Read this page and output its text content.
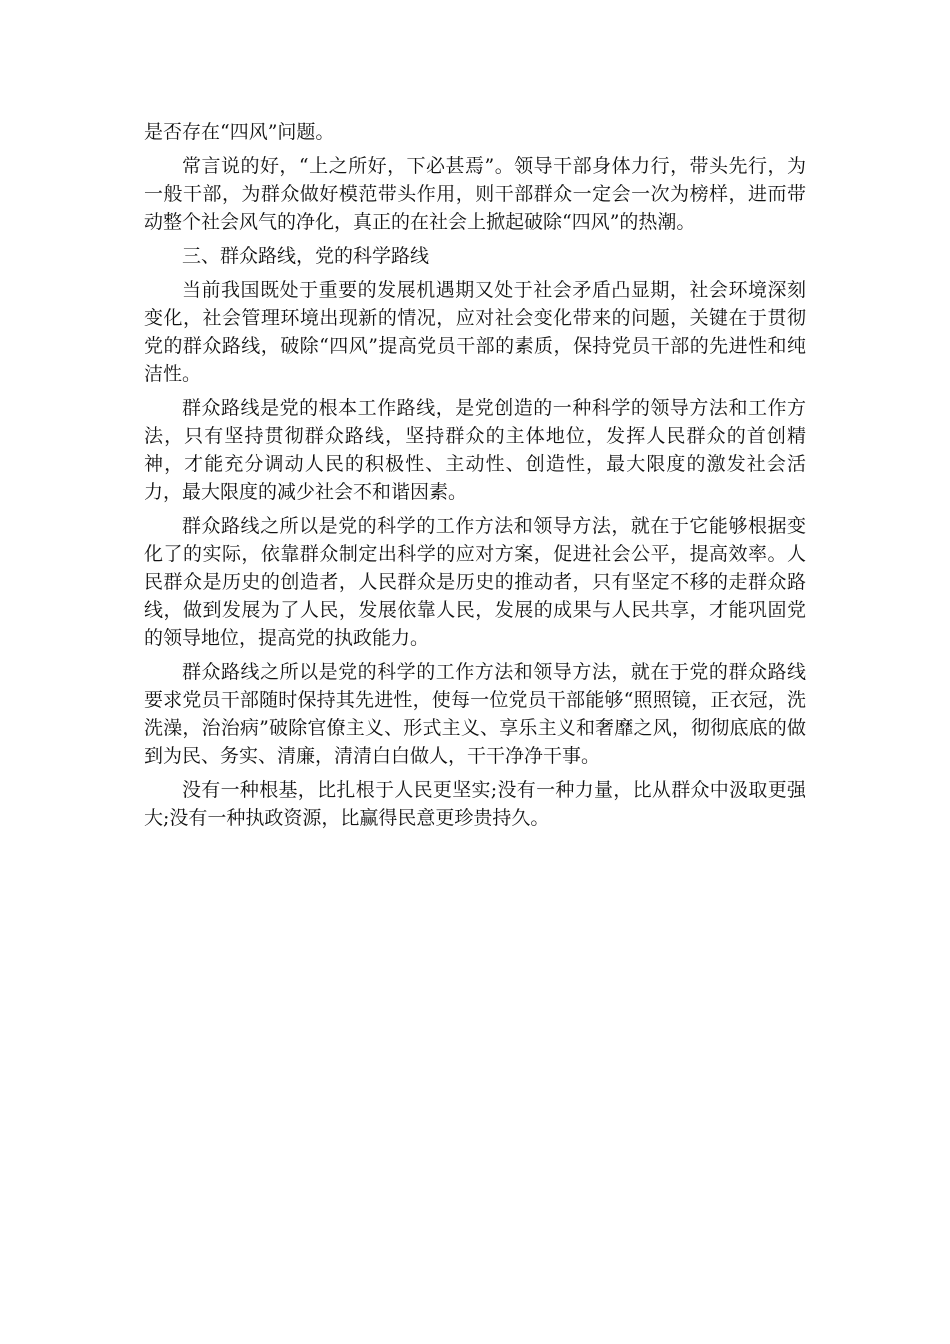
是否存在“四风”问题。

常言说的好，“上之所好，下必甚焉”。领导干部身体力行，带头先行，为一般干部，为群众做好模范带头作用，则干部群众一定会一次为榜样，进而带动整个社会风气的净化，真正的在社会上掀起破除“四风”的热潮。

三、群众路线，党的科学路线

当前我国既处于重要的发展机遇期又处于社会矛盾凸显期，社会环境深刻变化，社会管理环境出现新的情况，应对社会变化带来的问题，关键在于贯彻党的群众路线，破除“四风”提高党员干部的素质，保持党员干部的先进性和纯洁性。

群众路线是党的根本工作路线，是党创造的一种科学的领导方法和工作方法，只有坚持贯彻群众路线，坚持群众的主体地位，发挥人民群众的首创精神，才能充分调动人民的积极性、主动性、创造性，最大限度的激发社会活力，最大限度的减少社会不和谐因素。

群众路线之所以是党的科学的工作方法和领导方法，就在于它能够根据变化了的实际，依靠群众制定出科学的应对方案，促进社会公平，提高效率。人民群众是历史的创造者，人民群众是历史的推动者，只有坚定不移的走群众路线，做到发展为了人民，发展依靠人民，发展的成果与人民共享，才能巩固党的领导地位，提高党的执政能力。

群众路线之所以是党的科学的工作方法和领导方法，就在于党的群众路线要求党员干部随时保持其先进性，使每一位党员干部能够“照照镜，正衣冠，洗洗澡，治治病”破除官僚主义、形式主义、享乐主义和奢靡之风，彻彻底底的做到为民、务实、清廉，清清白白做人，干干净净干事。

没有一种根基，比扎根于人民更坚实;没有一种力量，比从群众中汲取更强大;没有一种执政资源，比赢得民意更珍贵持久。
